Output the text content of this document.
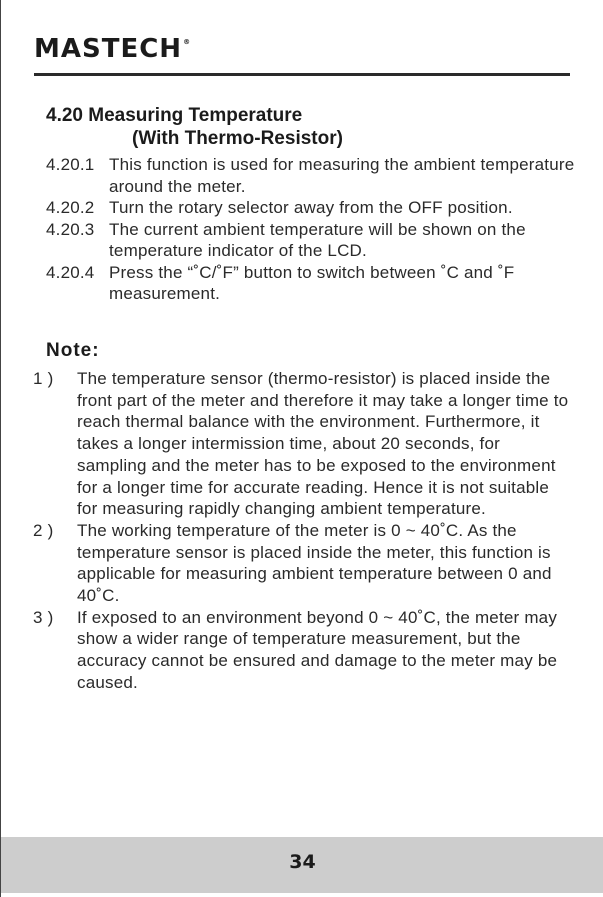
MASTECH®
4.20 Measuring Temperature
(With Thermo-Resistor)
4.20.1 This function is used for measuring the ambient temperature around the meter.
4.20.2 Turn the rotary selector away from the OFF position.
4.20.3 The current ambient temperature will be shown on the temperature indicator of the LCD.
4.20.4 Press the “˚C/˚F” button to switch between ˚C and ˚F measurement.
Note:
1 ) The temperature sensor (thermo-resistor) is placed inside the front part of the meter and therefore it may take a longer time to reach thermal balance with the environment. Furthermore, it takes a longer intermission time, about 20 seconds, for sampling and the meter has to be exposed to the environment for a longer time for accurate reading. Hence it is not suitable for measuring rapidly changing ambient temperature.
2 ) The working temperature of the meter is 0 ~ 40˚C. As the temperature sensor is placed inside the meter, this function is applicable for measuring ambient temperature between 0 and 40˚C.
3 ) If exposed to an environment beyond 0 ~ 40˚C, the meter may show a wider range of temperature measurement, but the accuracy cannot be ensured and damage to the meter may be caused.
34
